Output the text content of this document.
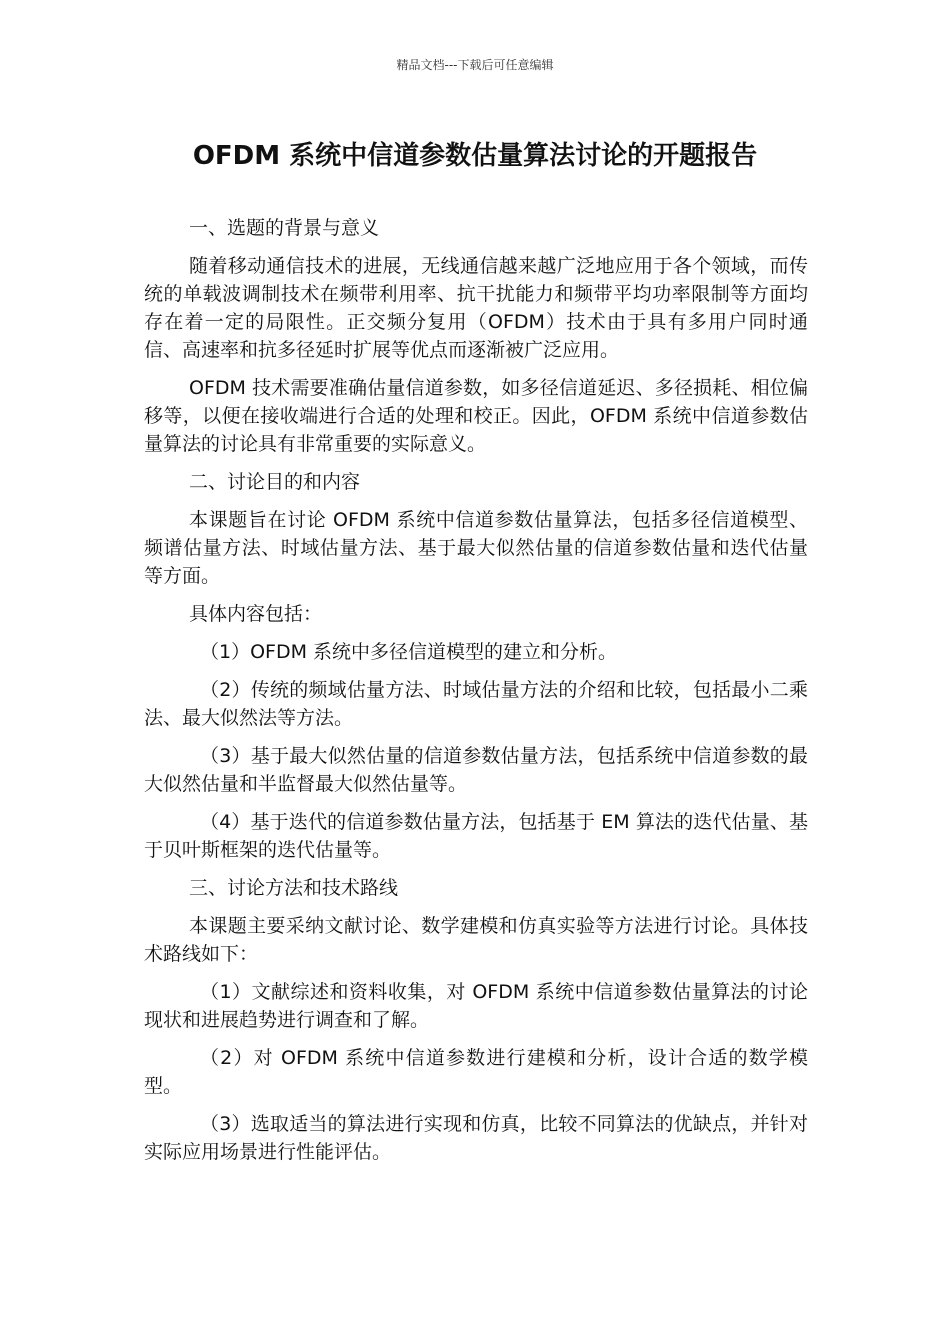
精品文档---下载后可任意编辑
OFDM 系统中信道参数估量算法讨论的开题报告

一、选题的背景与意义

随着移动通信技术的进展，无线通信越来越广泛地应用于各个领域，而传统的单载波调制技术在频带利用率、抗干扰能力和频带平均功率限制等方面均存在着一定的局限性。正交频分复用（OFDM）技术由于具有多用户同时通信、高速率和抗多径延时扩展等优点而逐渐被广泛应用。

OFDM 技术需要准确估量信道参数，如多径信道延迟、多径损耗、相位偏移等，以便在接收端进行合适的处理和校正。因此，OFDM 系统中信道参数估量算法的讨论具有非常重要的实际意义。

二、讨论目的和内容

本课题旨在讨论 OFDM 系统中信道参数估量算法，包括多径信道模型、频谱估量方法、时域估量方法、基于最大似然估量的信道参数估量和迭代估量等方面。

具体内容包括：

（1）OFDM 系统中多径信道模型的建立和分析。

（2）传统的频域估量方法、时域估量方法的介绍和比较，包括最小二乘法、最大似然法等方法。

（3）基于最大似然估量的信道参数估量方法，包括系统中信道参数的最大似然估量和半监督最大似然估量等。

（4）基于迭代的信道参数估量方法，包括基于 EM 算法的迭代估量、基于贝叶斯框架的迭代估量等。

三、讨论方法和技术路线

本课题主要采纳文献讨论、数学建模和仿真实验等方法进行讨论。具体技术路线如下：

（1）文献综述和资料收集，对 OFDM 系统中信道参数估量算法的讨论现状和进展趋势进行调查和了解。

（2）对 OFDM 系统中信道参数进行建模和分析，设计合适的数学模型。

（3）选取适当的算法进行实现和仿真，比较不同算法的优缺点，并针对实际应用场景进行性能评估。
